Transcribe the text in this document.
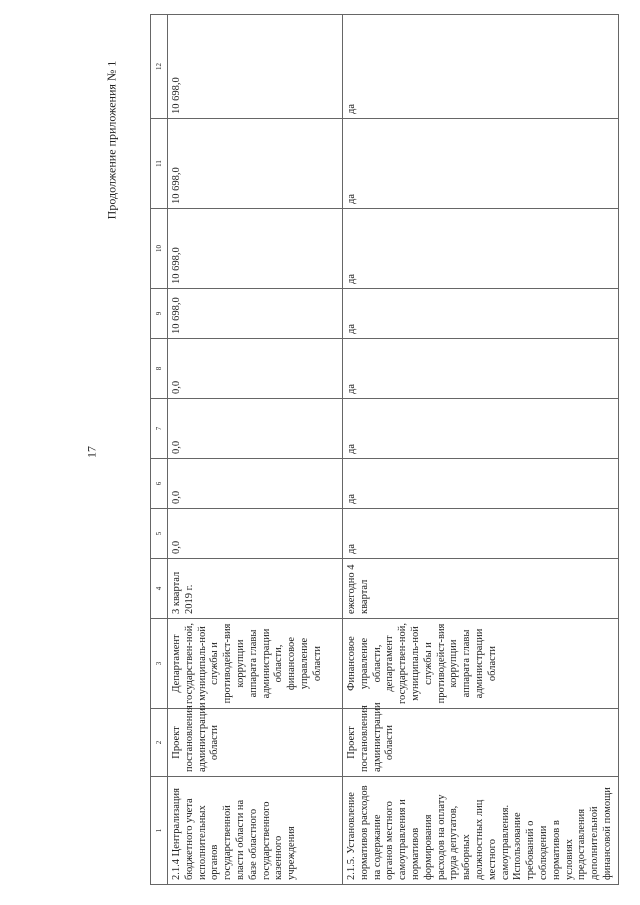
17
Продолжение приложения № 1
1	2	3	4	5	6	7	8	9	10	11	12
2.1.4 Централизация бюджетного учета исполнительных органов государственной власти области на базе областного государственного казенного учреждения	Проект постановления администрации области	Департамент государствен-ной, муниципаль-ной службы и противодейст-вия коррупции аппарата главы администрации области, финансовое управление области	3 квартал 2019 г.	0,0	0,0	0,0	0,0	10 698,0	10 698,0	10 698,0	10 698,0
2.1.5. Установление нормативов расходов на содержание органов местного самоуправления и нормативов формирования расходов на оплату труда депутатов, выборных должностных лиц местного самоуправления. Использование требований о соблюдении нормативов в условиях предоставления дополнительной финансовой помощи	Проект постановления администрации области	Финансовое управление области, департамент государствен-ной, муниципаль-ной службы и противодейст-вия коррупции аппарата главы администрации области	ежегодно 4 квартал	да	да	да	да	да	да	да	да
